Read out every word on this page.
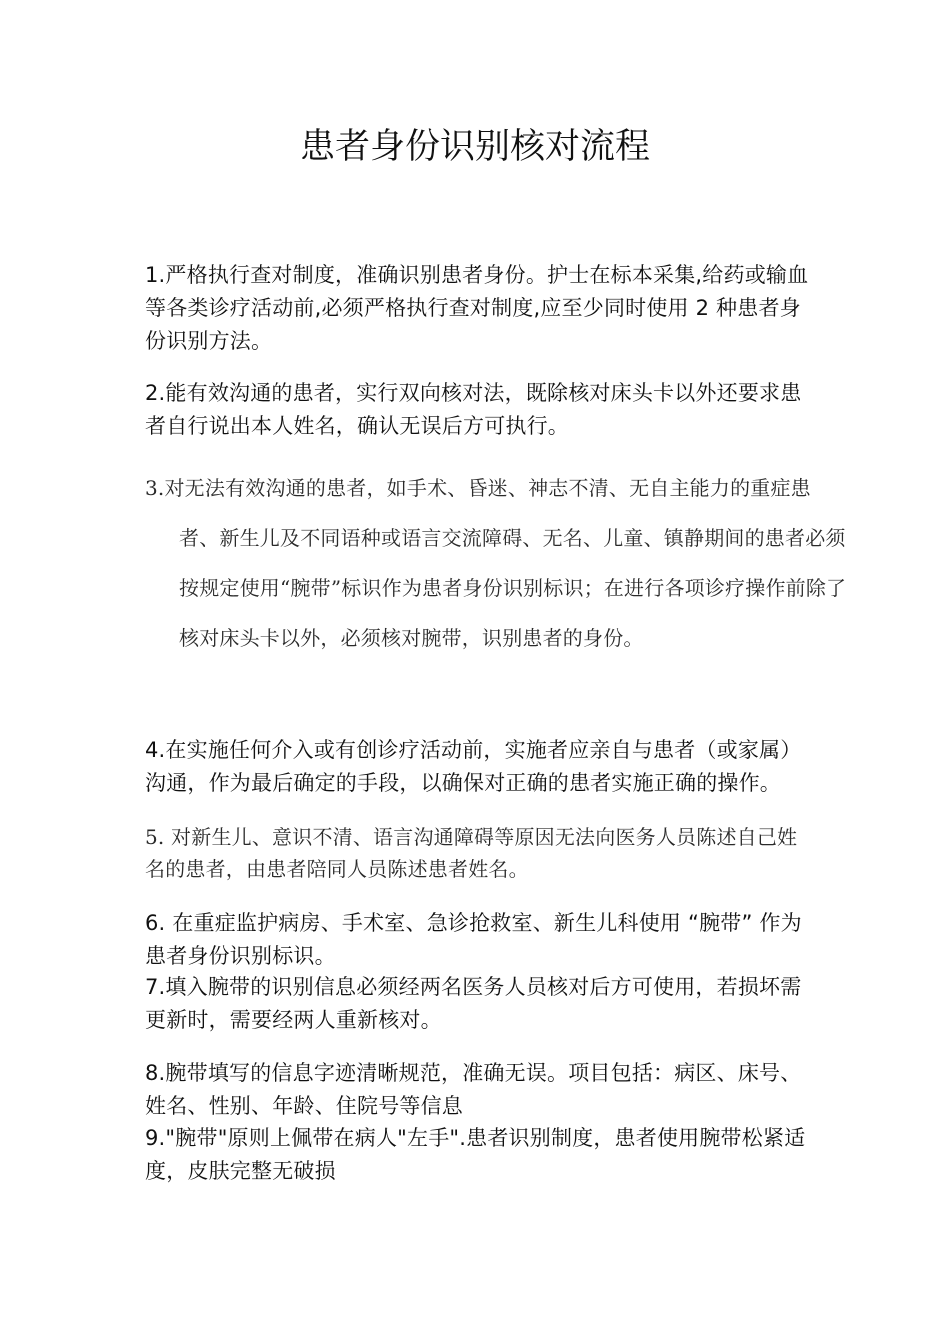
患者身份识别核对流程

1.严格执行查对制度，准确识别患者身份。护士在标本采集,给药或输血等各类诊疗活动前,必须严格执行查对制度,应至少同时使用 2 种患者身份识别方法。

2.能有效沟通的患者，实行双向核对法，既除核对床头卡以外还要求患者自行说出本人姓名，确认无误后方可执行。

3.对无法有效沟通的患者，如手术、昏迷、神志不清、无自主能力的重症患者、新生儿及不同语种或语言交流障碍、无名、儿童、镇静期间的患者必须按规定使用“腕带”标识作为患者身份识别标识；在进行各项诊疗操作前除了核对床头卡以外，必须核对腕带，识别患者的身份。

4.在实施任何介入或有创诊疗活动前，实施者应亲自与患者（或家属）沟通，作为最后确定的手段，以确保对正确的患者实施正确的操作。

5. 对新生儿、意识不清、语言沟通障碍等原因无法向医务人员陈述自己姓名的患者，由患者陪同人员陈述患者姓名。

6. 在重症监护病房、手术室、急诊抢救室、新生儿科使用 “腕带” 作为患者身份识别标识。

7.填入腕带的识别信息必须经两名医务人员核对后方可使用，若损坏需更新时，需要经两人重新核对。

8.腕带填写的信息字迹清晰规范，准确无误。项目包括：病区、床号、姓名、性别、年龄、住院号等信息

9."腕带"原则上佩带在病人"左手".患者识别制度，患者使用腕带松紧适度，皮肤完整无破损
